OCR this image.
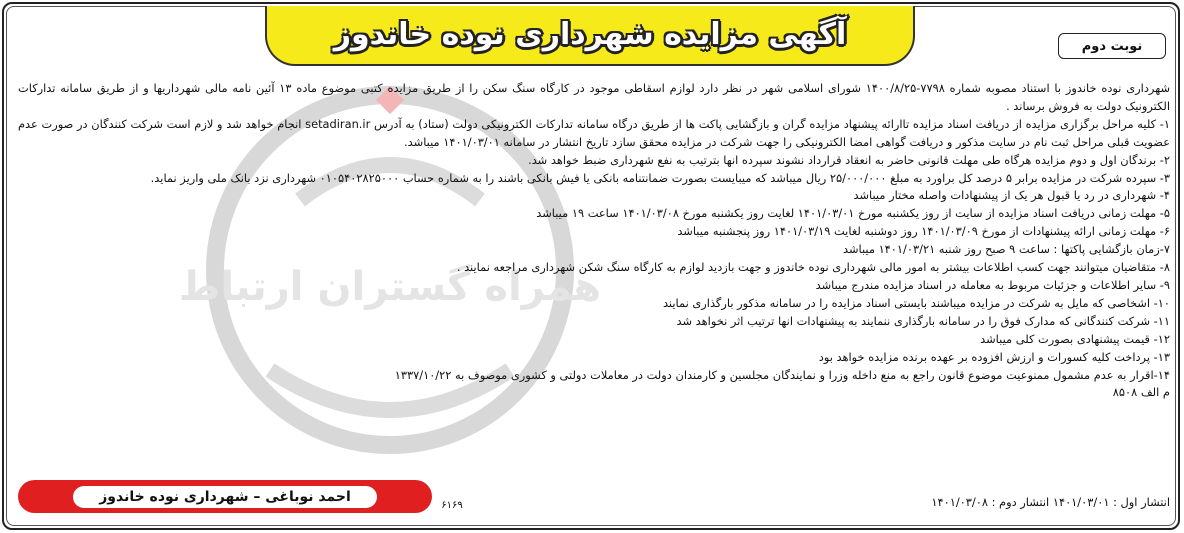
همراه گستران ارتباط
آگهی مزایده شهرداری نوده خاندوز	نوبت دوم

شهرداری نوده خاندوز با استناد مصوبه شماره ۷۷۹۸-۱۴۰۰/۸/۲۵ شورای اسلامی شهر در نظر دارد لوازم اسقاطی موجود در کارگاه سنگ سکن را از طریق مزایده کتبی موضوع ماده ۱۳ آئین نامه مالی شهرداریها و از طریق سامانه تدارکات الکترونیک دولت به فروش برساند .

۱- کلیه مراحل برگزاری مزایده از دریافت اسناد مزایده تاارائه پیشنهاد مزایده گران و بازگشایی پاکت ها از طریق درگاه سامانه تدارکات الکترونیکی دولت (ستاد) به آدرس setadiran.ir انجام خواهد شد و لازم است شرکت کنندگان در صورت عدم عضویت قبلی مراحل ثبت نام در سایت مذکور و دریافت گواهی امضا الکترونیکی را جهت شرکت در مزایده محقق سازد تاریخ انتشار در سامانه ۱۴۰۱/۰۳/۰۱ میباشد.

۲- برندگان اول و دوم مزایده هرگاه طی مهلت قانونی حاضر به انعقاد قرارداد نشوند سپرده انها بترتیب به نفع شهرداری ضبط خواهد شد.

۳- سپرده شرکت در مزایده برابر ۵ درصد کل براورد به مبلغ ۲۵/۰۰۰/۰۰۰ ریال میباشد که میبایست بصورت ضمانتنامه بانکی یا فیش بانکی باشند را به شماره حساب ۰۱۰۵۴۰۲۸۲۵۰۰۰ شهرداری نزد بانک ملی واریز نماید.

۴- شهرداری در رد یا قبول هر یک از پیشنهادات واصله مختار میباشد

۵- مهلت زمانی دریافت اسناد مزایده از سایت از روز یکشنبه مورخ ۱۴۰۱/۰۳/۰۱ لغایت روز یکشنبه مورخ ۱۴۰۱/۰۳/۰۸ ساعت ۱۹ میباشد

۶- مهلت زمانی ارائه پیشنهادات از مورخ ۱۴۰۱/۰۳/۰۹ روز دوشنبه لغایت ۱۴۰۱/۰۳/۱۹ روز پنجشنبه میباشد

۷-زمان بازگشایی پاکتها : ساعت ۹ صبح روز شنبه ۱۴۰۱/۰۳/۲۱ میباشد

۸- متقاضیان میتوانند جهت کسب اطلاعات بیشتر به امور مالی شهرداری نوده خاندوز و جهت بازدید لوازم به کارگاه سنگ شکن شهرداری مراجعه نمایند .

۹- سایر اطلاعات و جزئیات مربوط به معامله در اسناد مزایده مندرج میباشد

۱۰- اشخاصی که مایل به شرکت در مزایده میباشند بایستی اسناد مزایده را در سامانه مذکور بارگذاری نمایند

۱۱- شرکت کنندگانی که مدارک فوق را در سامانه بارگذاری ننمایند به پیشنهادات انها ترتیب اثر نخواهد شد

۱۲- قیمت پیشنهادی بصورت کلی میباشد

۱۳- پرداخت کلیه کسورات و ارزش افزوده بر عهده برنده مزایده خواهد بود

۱۴-اقرار به عدم مشمول ممنوعیت موضوع قانون راجع به منع داخله وزرا و نمایندگان مجلسین و کارمندان دولت در معاملات دولتی و کشوری موصوف به ۱۳۳۷/۱۰/۲۲

م الف ۸۵۰۸

انتشار اول : ۱۴۰۱/۰۳/۰۱ انتشار دوم : ۱۴۰۱/۰۳/۰۸
۶۱۶۹
احمد نوباغی – شهرداری نوده خاندوز
